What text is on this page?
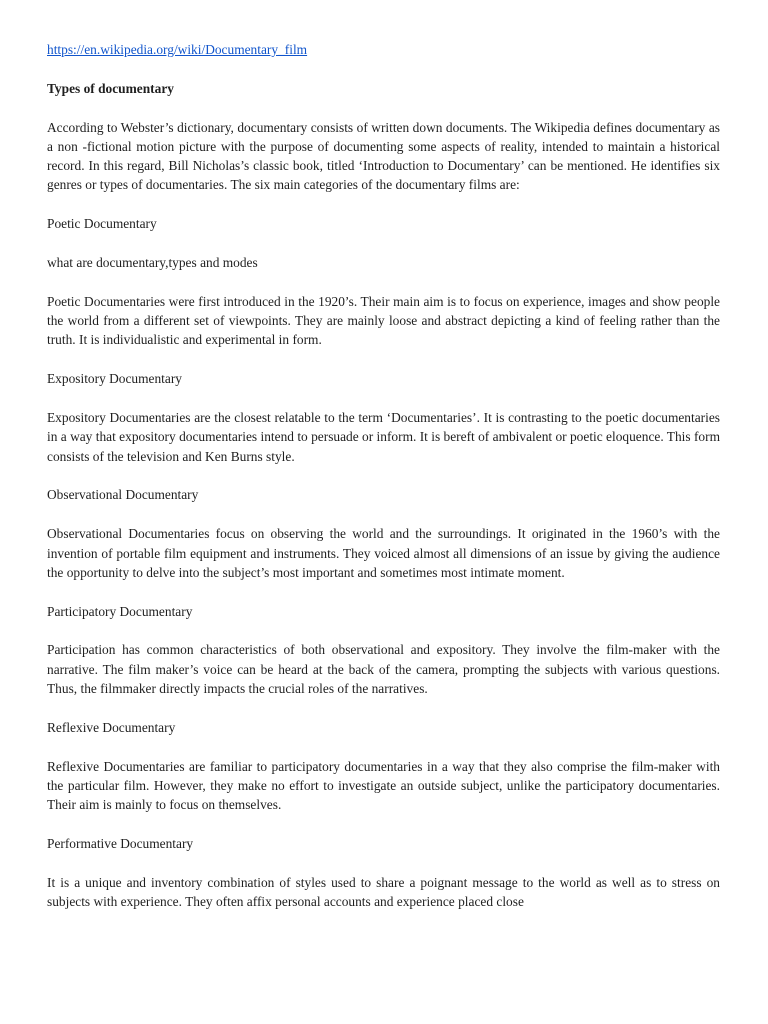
https://en.wikipedia.org/wiki/Documentary_film
Types of documentary

According to Webster’s dictionary, documentary consists of written down documents. The Wikipedia defines documentary as a non -fictional motion picture with the purpose of documenting some aspects of reality, intended to maintain a historical record. In this regard, Bill Nicholas’s classic book, titled ‘Introduction to Documentary’ can be mentioned. He identifies six genres or types of documentaries. The six main categories of the documentary films are:

Poetic Documentary

what are documentary,types and modes

Poetic Documentaries were first introduced in the 1920’s. Their main aim is to focus on experience, images and show people the world from a different set of viewpoints. They are mainly loose and abstract depicting a kind of feeling rather than the truth. It is individualistic and experimental in form.

Expository Documentary

Expository Documentaries are the closest relatable to the term ‘Documentaries’. It is contrasting to the poetic documentaries in a way that expository documentaries intend to persuade or inform. It is bereft of ambivalent or poetic eloquence. This form consists of the television and Ken Burns style.

Observational Documentary

Observational Documentaries focus on observing the world and the surroundings. It originated in the 1960’s with the invention of portable film equipment and instruments. They voiced almost all dimensions of an issue by giving the audience the opportunity to delve into the subject’s most important and sometimes most intimate moment.

Participatory Documentary

Participation has common characteristics of both observational and expository. They involve the film-maker with the narrative. The film maker’s voice can be heard at the back of the camera, prompting the subjects with various questions. Thus, the filmmaker directly impacts the crucial roles of the narratives.

Reflexive Documentary

Reflexive Documentaries are familiar to participatory documentaries in a way that they also comprise the film-maker with the particular film. However, they make no effort to investigate an outside subject, unlike the participatory documentaries. Their aim is mainly to focus on themselves.

Performative Documentary

It is a unique and inventory combination of styles used to share a poignant message to the world as well as to stress on subjects with experience. They often affix personal accounts and experience placed close
